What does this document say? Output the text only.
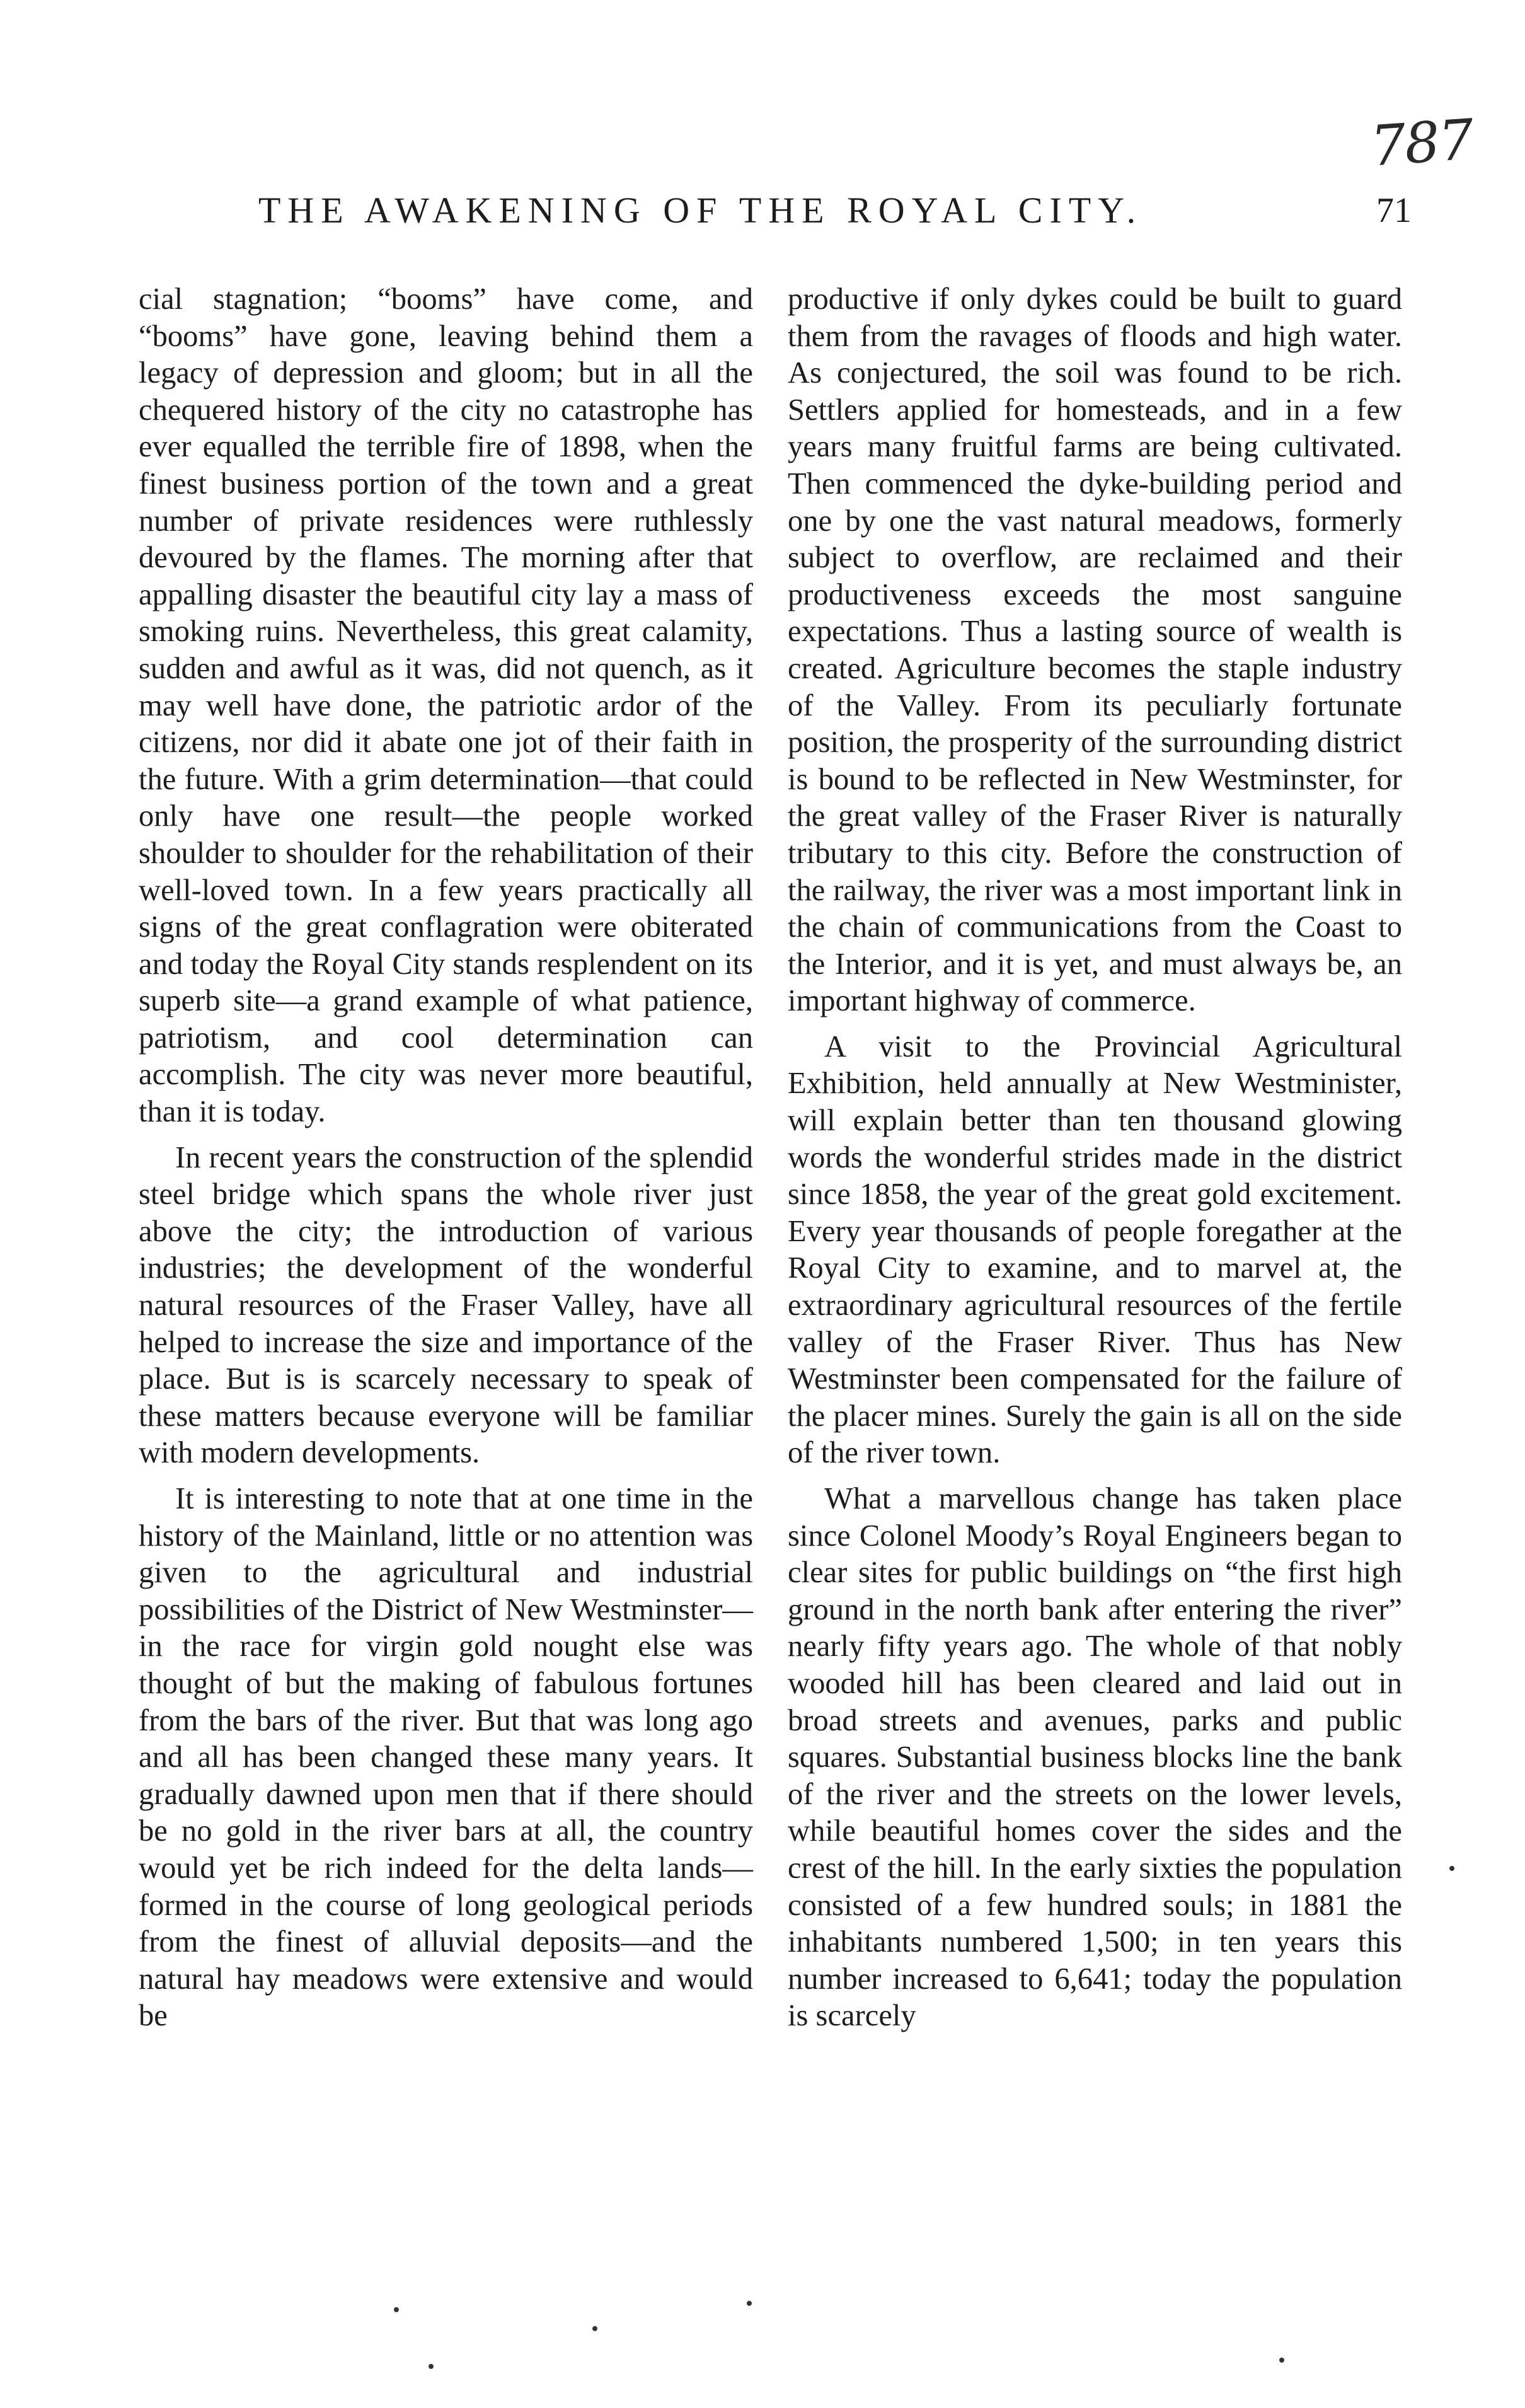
787
THE AWAKENING OF THE ROYAL CITY.	71

cial stagnation; “booms” have come, and “booms” have gone, leaving behind them a legacy of depression and gloom; but in all the chequered history of the city no catastrophe has ever equalled the terrible fire of 1898, when the finest business portion of the town and a great number of private residences were ruthlessly devoured by the flames. The morning after that appalling disaster the beautiful city lay a mass of smoking ruins. Nevertheless, this great calamity, sudden and awful as it was, did not quench, as it may well have done, the patriotic ardor of the citizens, nor did it abate one jot of their faith in the future. With a grim determination—that could only have one result—the people worked shoulder to shoulder for the rehabilitation of their well-loved town. In a few years practically all signs of the great conflagration were obiterated and today the Royal City stands resplendent on its superb site—a grand example of what patience, patriotism, and cool determination can accomplish. The city was never more beautiful, than it is today.

In recent years the construction of the splendid steel bridge which spans the whole river just above the city; the introduction of various industries; the development of the wonderful natural resources of the Fraser Valley, have all helped to increase the size and importance of the place. But is is scarcely necessary to speak of these matters because everyone will be familiar with modern developments.

It is interesting to note that at one time in the history of the Mainland, little or no attention was given to the agricultural and industrial possibilities of the District of New Westminster—in the race for virgin gold nought else was thought of but the making of fabulous fortunes from the bars of the river. But that was long ago and all has been changed these many years. It gradually dawned upon men that if there should be no gold in the river bars at all, the country would yet be rich indeed for the delta lands—formed in the course of long geological periods from the finest of alluvial deposits—and the natural hay meadows were extensive and would be

productive if only dykes could be built to guard them from the ravages of floods and high water. As conjectured, the soil was found to be rich. Settlers applied for homesteads, and in a few years many fruitful farms are being cultivated. Then commenced the dyke-building period and one by one the vast natural meadows, formerly subject to overflow, are reclaimed and their productiveness exceeds the most sanguine expectations. Thus a lasting source of wealth is created. Agriculture becomes the staple industry of the Valley. From its peculiarly fortunate position, the prosperity of the surrounding district is bound to be reflected in New Westminster, for the great valley of the Fraser River is naturally tributary to this city. Before the construction of the railway, the river was a most important link in the chain of communications from the Coast to the Interior, and it is yet, and must always be, an important highway of commerce.

A visit to the Provincial Agricultural Exhibition, held annually at New Westminister, will explain better than ten thousand glowing words the wonderful strides made in the district since 1858, the year of the great gold excitement. Every year thousands of people foregather at the Royal City to examine, and to marvel at, the extraordinary agricultural resources of the fertile valley of the Fraser River. Thus has New Westminster been compensated for the failure of the placer mines. Surely the gain is all on the side of the river town.

What a marvellous change has taken place since Colonel Moody’s Royal Engineers began to clear sites for public buildings on “the first high ground in the north bank after entering the river” nearly fifty years ago. The whole of that nobly wooded hill has been cleared and laid out in broad streets and avenues, parks and public squares. Substantial business blocks line the bank of the river and the streets on the lower levels, while beautiful homes cover the sides and the crest of the hill. In the early sixties the population consisted of a few hundred souls; in 1881 the inhabitants numbered 1,500; in ten years this number increased to 6,641; today the population is scarcely
